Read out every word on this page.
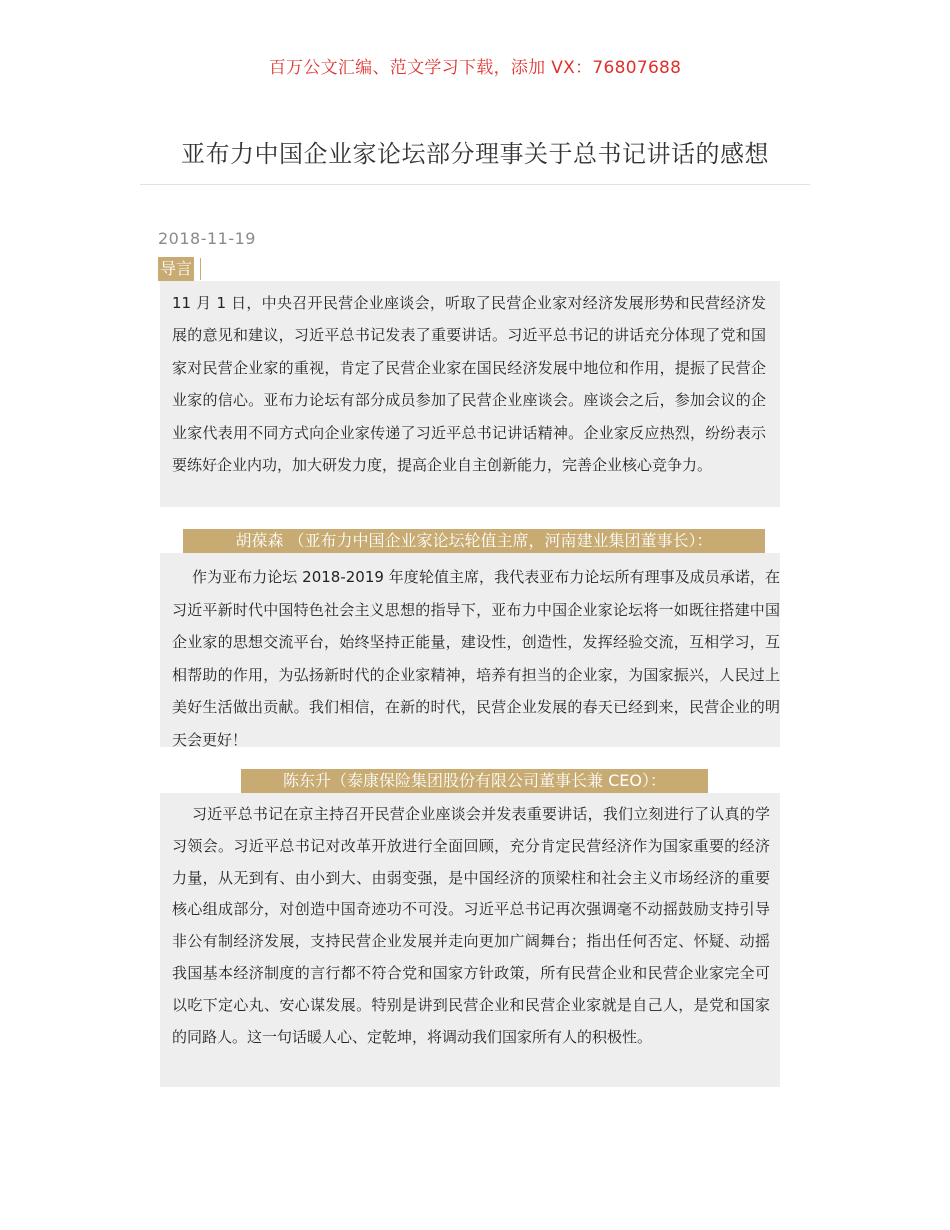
百万公文汇编、范文学习下载，添加 VX：76807688
亚布力中国企业家论坛部分理事关于总书记讲话的感想
2018-11-19
导言

11 月 1 日，中央召开民营企业座谈会，听取了民营企业家对经济发展形势和民营经济发展的意见和建议，习近平总书记发表了重要讲话。习近平总书记的讲话充分体现了党和国家对民营企业家的重视，肯定了民营企业家在国民经济发展中地位和作用，提振了民营企业家的信心。亚布力论坛有部分成员参加了民营企业座谈会。座谈会之后，参加会议的企业家代表用不同方式向企业家传递了习近平总书记讲话精神。企业家反应热烈，纷纷表示要练好企业内功，加大研发力度，提高企业自主创新能力，完善企业核心竞争力。

胡葆森 （亚布力中国企业家论坛轮值主席，河南建业集团董事长）：

作为亚布力论坛 2018-2019 年度轮值主席，我代表亚布力论坛所有理事及成员承诺，在习近平新时代中国特色社会主义思想的指导下，亚布力中国企业家论坛将一如既往搭建中国企业家的思想交流平台，始终坚持正能量，建设性，创造性，发挥经验交流，互相学习，互相帮助的作用，为弘扬新时代的企业家精神，培养有担当的企业家，为国家振兴，人民过上美好生活做出贡献。我们相信，在新的时代，民营企业发展的春天已经到来，民营企业的明天会更好！

陈东升（泰康保险集团股份有限公司董事长兼 CEO）：

习近平总书记在京主持召开民营企业座谈会并发表重要讲话，我们立刻进行了认真的学习领会。习近平总书记对改革开放进行全面回顾，充分肯定民营经济作为国家重要的经济力量，从无到有、由小到大、由弱变强，是中国经济的顶梁柱和社会主义市场经济的重要核心组成部分，对创造中国奇迹功不可没。习近平总书记再次强调毫不动摇鼓励支持引导非公有制经济发展，支持民营企业发展并走向更加广阔舞台；指出任何否定、怀疑、动摇我国基本经济制度的言行都不符合党和国家方针政策，所有民营企业和民营企业家完全可以吃下定心丸、安心谋发展。特别是讲到民营企业和民营企业家就是自己人，是党和国家的同路人。这一句话暖人心、定乾坤，将调动我们国家所有人的积极性。
